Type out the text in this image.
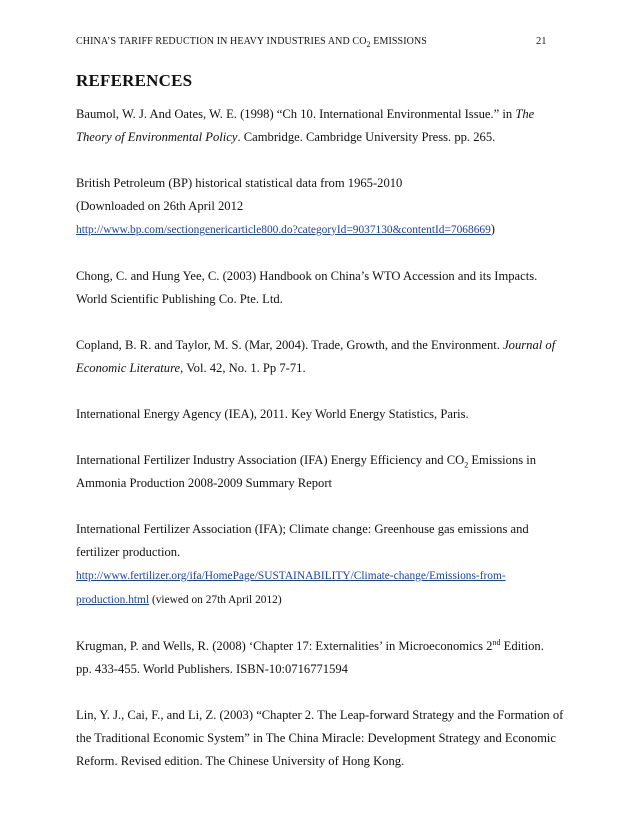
CHINA’S TARIFF REDUCTION IN HEAVY INDUSTRIES AND $CO_2$ EMISSIONS	21
REFERENCES
Baumol, W. J. And Oates, W. E. (1998) “Ch 10. International Environmental Issue.” in The
Theory of Environmental Policy. Cambridge. Cambridge University Press. pp. 265.
British Petroleum (BP) historical statistical data from 1965-2010
(Downloaded on 26th April 2012
http://www.bp.com/sectiongenericarticle800.do?categoryId=9037130&contentId=7068669)
Chong, C. and Hung Yee, C. (2003) Handbook on China’s WTO Accession and its Impacts.
World Scientific Publishing Co. Pte. Ltd.
Copland, B. R. and Taylor, M. S. (Mar, 2004). Trade, Growth, and the Environment. Journal of
Economic Literature, Vol. 42, No. 1. Pp 7-71.
International Energy Agency (IEA), 2011. Key World Energy Statistics, Paris.
International Fertilizer Industry Association (IFA) Energy Efficiency and $CO_2$ Emissions in
Ammonia Production 2008-2009 Summary Report
International Fertilizer Association (IFA); Climate change: Greenhouse gas emissions and
fertilizer production.
http://www.fertilizer.org/ifa/HomePage/SUSTAINABILITY/Climate-change/Emissions-from-
production.html (viewed on 27th April 2012)
Krugman, P. and Wells, R. (2008) ‘Chapter 17: Externalities’ in Microeconomics 2nd Edition.
pp. 433-455. World Publishers. ISBN-10:0716771594
Lin, Y. J., Cai, F., and Li, Z. (2003) “Chapter 2. The Leap-forward Strategy and the Formation of
the Traditional Economic System” in The China Miracle: Development Strategy and Economic
Reform. Revised edition. The Chinese University of Hong Kong.
